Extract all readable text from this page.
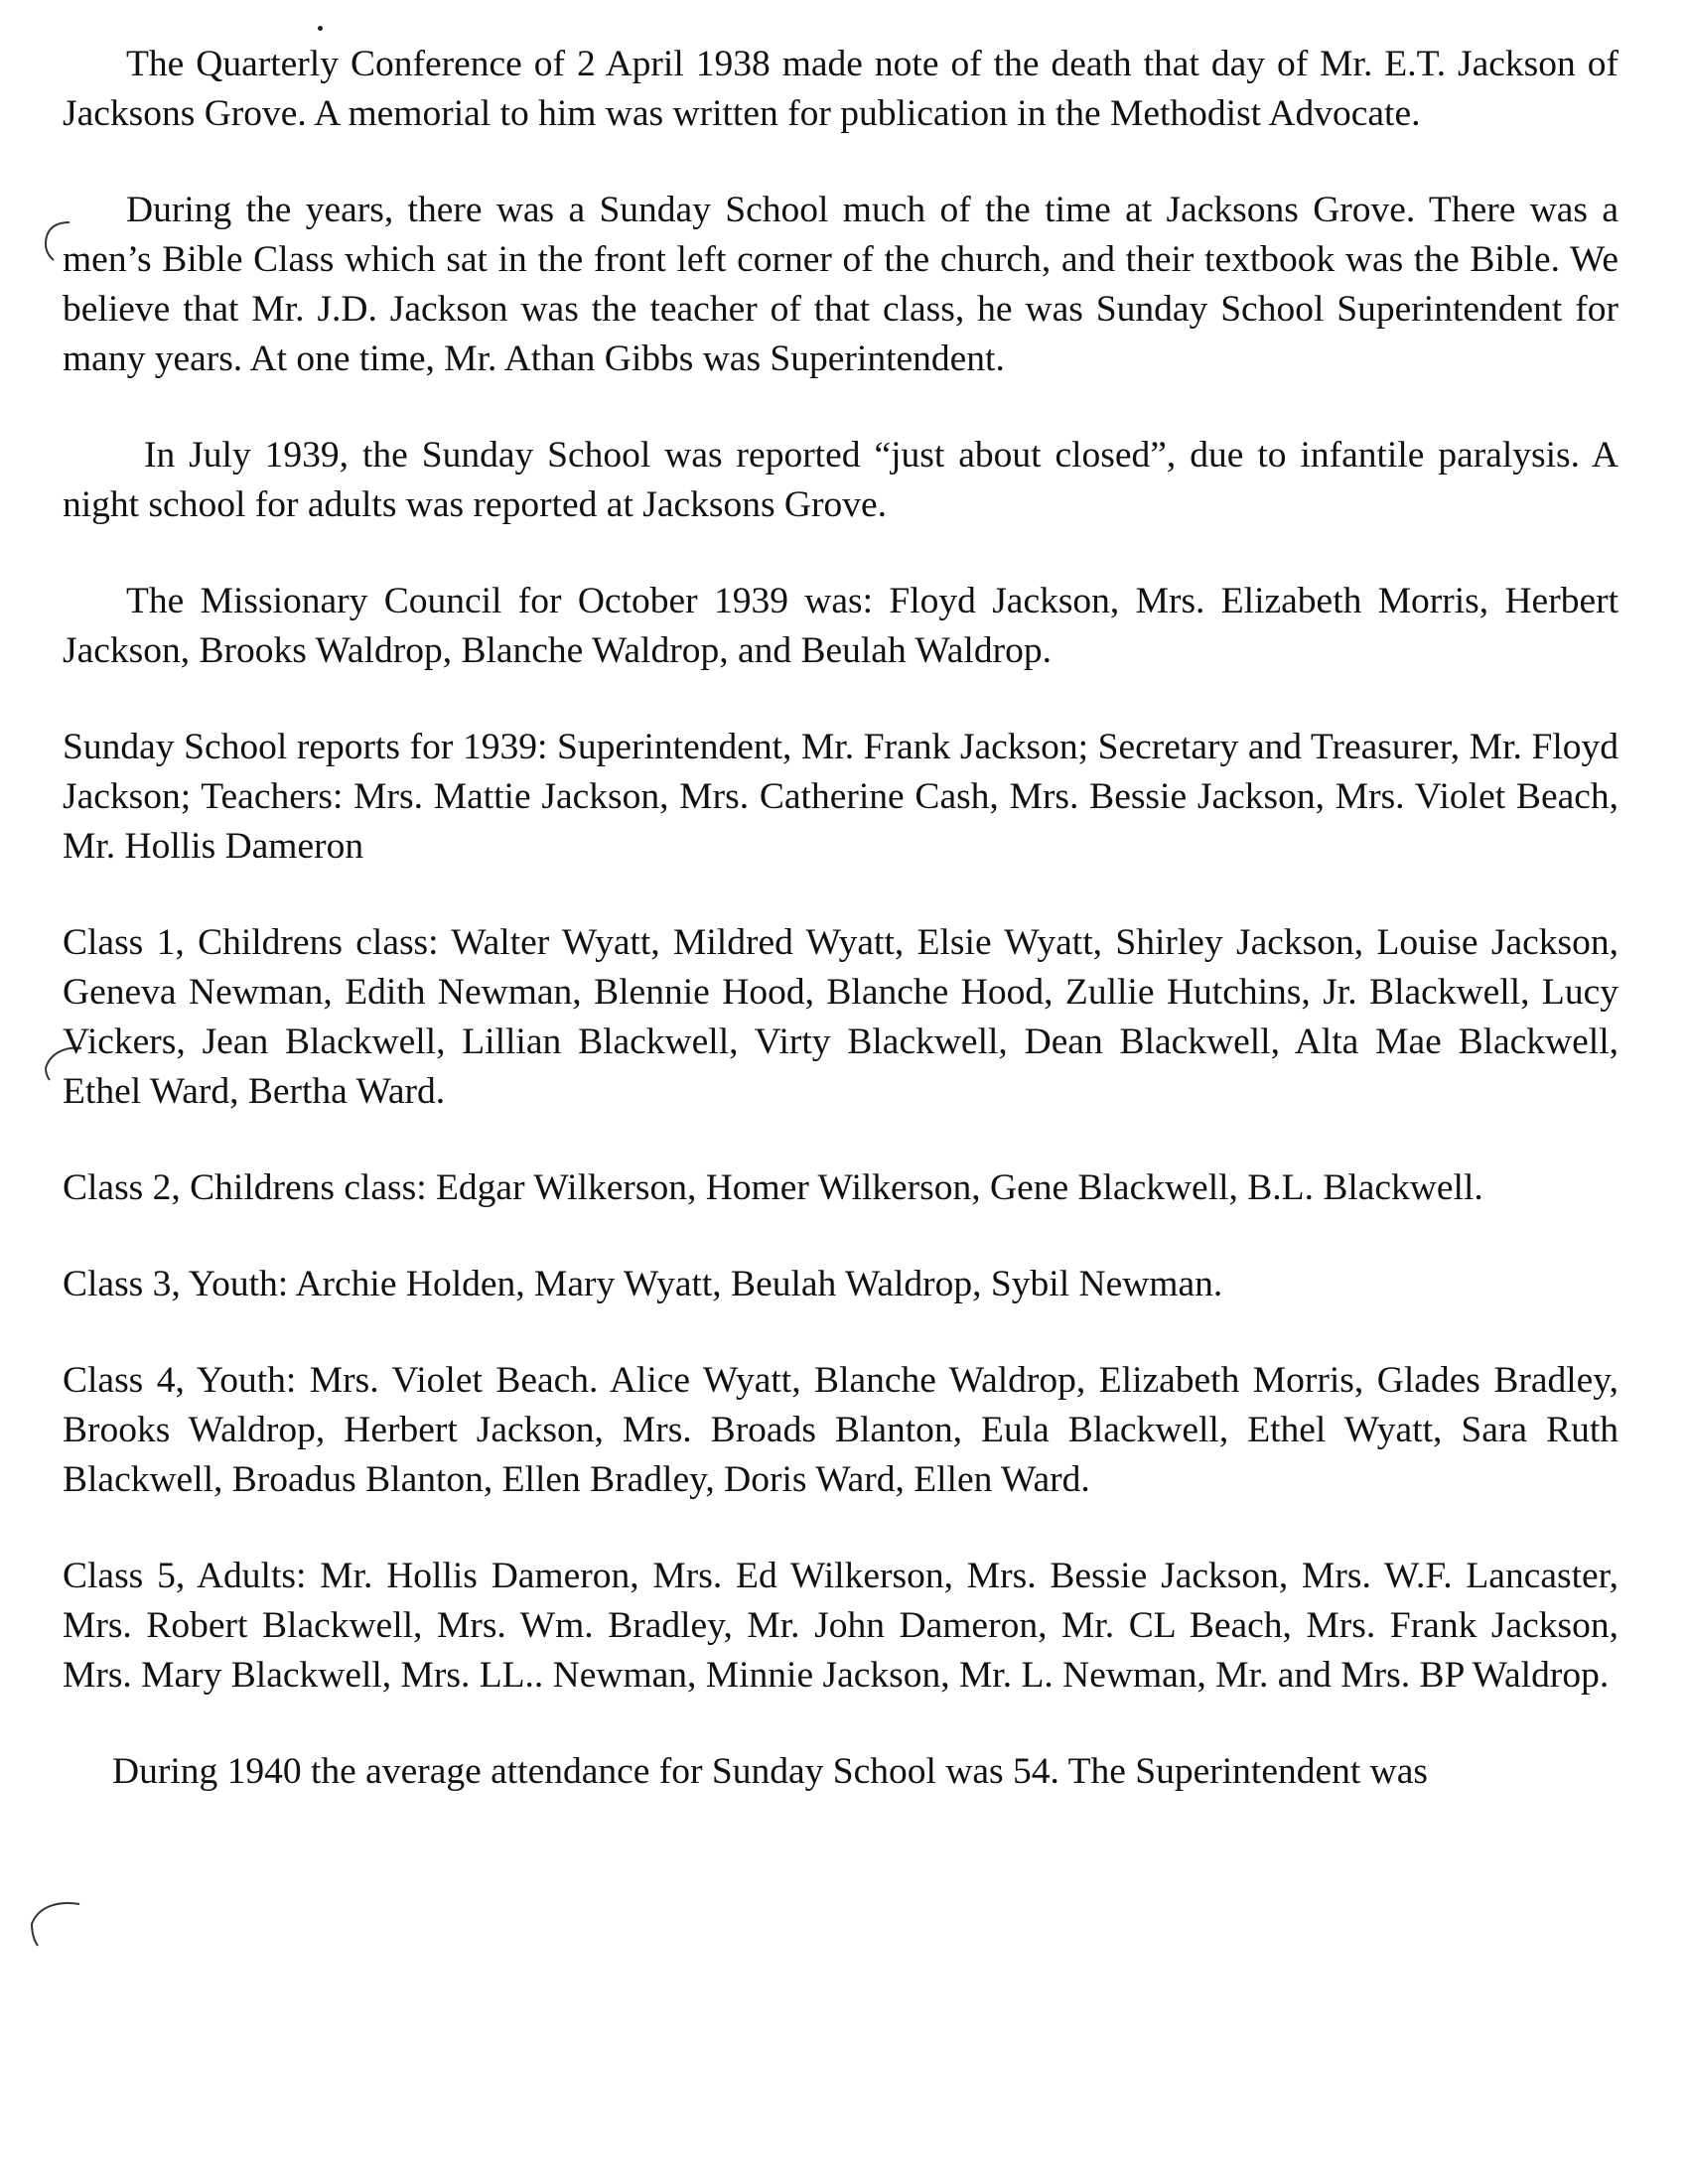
The Quarterly Conference of 2 April 1938 made note of the death that day of Mr. E.T. Jackson of Jacksons Grove. A memorial to him was written for publication in the Methodist Advocate.

During the years, there was a Sunday School much of the time at Jacksons Grove. There was a men’s Bible Class which sat in the front left corner of the church, and their textbook was the Bible. We believe that Mr. J.D. Jackson was the teacher of that class, he was Sunday School Superintendent for many years. At one time, Mr. Athan Gibbs was Superintendent.

In July 1939, the Sunday School was reported “just about closed”, due to infantile paralysis. A night school for adults was reported at Jacksons Grove.

The Missionary Council for October 1939 was: Floyd Jackson, Mrs. Elizabeth Morris, Herbert Jackson, Brooks Waldrop, Blanche Waldrop, and Beulah Waldrop.

Sunday School reports for 1939: Superintendent, Mr. Frank Jackson; Secretary and Treasurer, Mr. Floyd Jackson; Teachers: Mrs. Mattie Jackson, Mrs. Catherine Cash, Mrs. Bessie Jackson, Mrs. Violet Beach, Mr. Hollis Dameron

Class 1, Childrens class: Walter Wyatt, Mildred Wyatt, Elsie Wyatt, Shirley Jackson, Louise Jackson, Geneva Newman, Edith Newman, Blennie Hood, Blanche Hood, Zullie Hutchins, Jr. Blackwell, Lucy Vickers, Jean Blackwell, Lillian Blackwell, Virty Blackwell, Dean Blackwell, Alta Mae Blackwell, Ethel Ward, Bertha Ward.

Class 2, Childrens class: Edgar Wilkerson, Homer Wilkerson, Gene Blackwell, B.L. Blackwell.

Class 3, Youth: Archie Holden, Mary Wyatt, Beulah Waldrop, Sybil Newman.

Class 4, Youth: Mrs. Violet Beach. Alice Wyatt, Blanche Waldrop, Elizabeth Morris, Glades Bradley, Brooks Waldrop, Herbert Jackson, Mrs. Broads Blanton, Eula Blackwell, Ethel Wyatt, Sara Ruth Blackwell, Broadus Blanton, Ellen Bradley, Doris Ward, Ellen Ward.

Class 5, Adults: Mr. Hollis Dameron, Mrs. Ed Wilkerson, Mrs. Bessie Jackson, Mrs. W.F. Lancaster, Mrs. Robert Blackwell, Mrs. Wm. Bradley, Mr. John Dameron, Mr. CL Beach, Mrs. Frank Jackson, Mrs. Mary Blackwell, Mrs. LL.. Newman, Minnie Jackson, Mr. L. Newman, Mr. and Mrs. BP Waldrop.

During 1940 the average attendance for Sunday School was 54. The Superintendent was
